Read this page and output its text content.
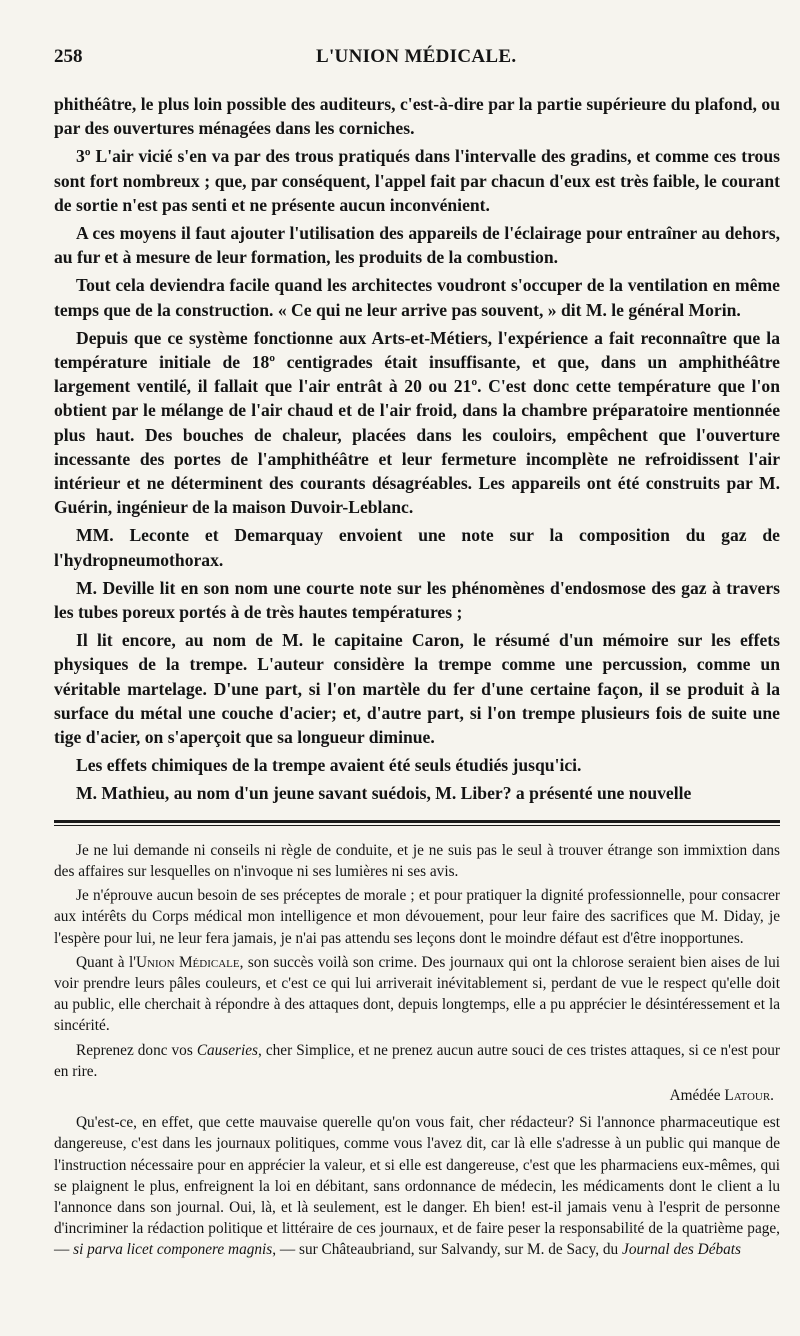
258	L'UNION MÉDICALE.

phithéâtre, le plus loin possible des auditeurs, c'est-à-dire par la partie supérieure du plafond, ou par des ouvertures ménagées dans les corniches.

3º L'air vicié s'en va par des trous pratiqués dans l'intervalle des gradins, et comme ces trous sont fort nombreux ; que, par conséquent, l'appel fait par chacun d'eux est très faible, le courant de sortie n'est pas senti et ne présente aucun inconvénient.

A ces moyens il faut ajouter l'utilisation des appareils de l'éclairage pour entraîner au dehors, au fur et à mesure de leur formation, les produits de la combustion.

Tout cela deviendra facile quand les architectes voudront s'occuper de la ventilation en même temps que de la construction. « Ce qui ne leur arrive pas souvent, » dit M. le général Morin.

Depuis que ce système fonctionne aux Arts-et-Métiers, l'expérience a fait reconnaître que la température initiale de 18º centigrades était insuffisante, et que, dans un amphithéâtre largement ventilé, il fallait que l'air entrât à 20 ou 21º. C'est donc cette température que l'on obtient par le mélange de l'air chaud et de l'air froid, dans la chambre préparatoire mentionnée plus haut. Des bouches de chaleur, placées dans les couloirs, empêchent que l'ouverture incessante des portes de l'amphithéâtre et leur fermeture incomplète ne refroidissent l'air intérieur et ne déterminent des courants désagréables. Les appareils ont été construits par M. Guérin, ingénieur de la maison Duvoir-Leblanc.

MM. Leconte et Demarquay envoient une note sur la composition du gaz de l'hydropneumothorax.

M. Deville lit en son nom une courte note sur les phénomènes d'endosmose des gaz à travers les tubes poreux portés à de très hautes températures ;

Il lit encore, au nom de M. le capitaine Caron, le résumé d'un mémoire sur les effets physiques de la trempe. L'auteur considère la trempe comme une percussion, comme un véritable martelage. D'une part, si l'on martèle du fer d'une certaine façon, il se produit à la surface du métal une couche d'acier; et, d'autre part, si l'on trempe plusieurs fois de suite une tige d'acier, on s'aperçoit que sa longueur diminue.

Les effets chimiques de la trempe avaient été seuls étudiés jusqu'ici.

M. Mathieu, au nom d'un jeune savant suédois, M. Liber? a présenté une nouvelle

Je ne lui demande ni conseils ni règle de conduite, et je ne suis pas le seul à trouver étrange son immixtion dans des affaires sur lesquelles on n'invoque ni ses lumières ni ses avis.

Je n'éprouve aucun besoin de ses préceptes de morale ; et pour pratiquer la dignité professionnelle, pour consacrer aux intérêts du Corps médical mon intelligence et mon dévouement, pour leur faire des sacrifices que M. Diday, je l'espère pour lui, ne leur fera jamais, je n'ai pas attendu ses leçons dont le moindre défaut est d'être inopportunes.

Quant à l'Union Médicale, son succès voilà son crime. Des journaux qui ont la chlorose seraient bien aises de lui voir prendre leurs pâles couleurs, et c'est ce qui lui arriverait inévitablement si, perdant de vue le respect qu'elle doit au public, elle cherchait à répondre à des attaques dont, depuis longtemps, elle a pu apprécier le désintéressement et la sincérité.

Reprenez donc vos Causeries, cher Simplice, et ne prenez aucun autre souci de ces tristes attaques, si ce n'est pour en rire.

Amédée Latour.

Qu'est-ce, en effet, que cette mauvaise querelle qu'on vous fait, cher rédacteur? Si l'annonce pharmaceutique est dangereuse, c'est dans les journaux politiques, comme vous l'avez dit, car là elle s'adresse à un public qui manque de l'instruction nécessaire pour en apprécier la valeur, et si elle est dangereuse, c'est que les pharmaciens eux-mêmes, qui se plaignent le plus, enfreignent la loi en débitant, sans ordonnance de médecin, les médicaments dont le client a lu l'annonce dans son journal. Oui, là, et là seulement, est le danger. Eh bien! est-il jamais venu à l'esprit de personne d'incriminer la rédaction politique et littéraire de ces journaux, et de faire peser la responsabilité de la quatrième page, — si parva licet componere magnis, — sur Châteaubriand, sur Salvandy, sur M. de Sacy, du Journal des Débats
